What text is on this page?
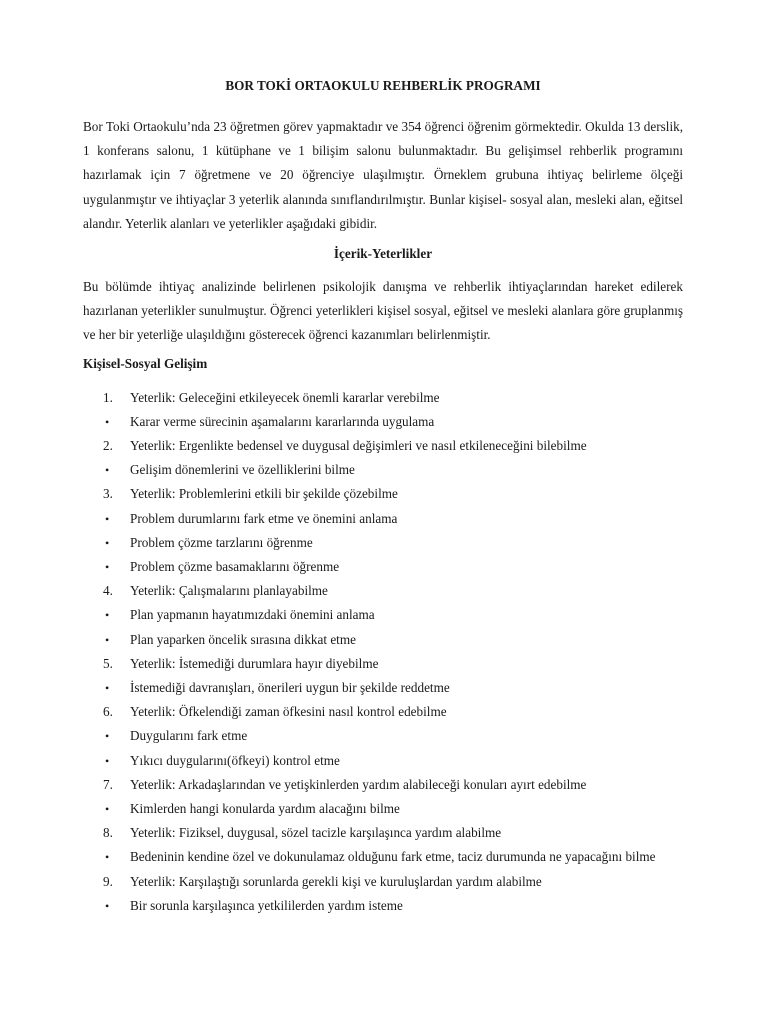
BOR TOKİ ORTAOKULU REHBERLİK PROGRAMI

Bor Toki Ortaokulu’nda 23 öğretmen görev yapmaktadır ve 354 öğrenci öğrenim görmektedir. Okulda 13 derslik, 1 konferans salonu, 1 kütüphane ve 1 bilişim salonu bulunmaktadır. Bu gelişimsel rehberlik programını hazırlamak için 7 öğretmene ve 20 öğrenciye ulaşılmıştır. Örneklem grubuna ihtiyaç belirleme ölçeği uygulanmıştır ve ihtiyaçlar 3 yeterlik alanında sınıflandırılmıştır. Bunlar kişisel- sosyal alan, mesleki alan, eğitsel alandır. Yeterlik alanları ve yeterlikler aşağıdaki gibidir.

İçerik-Yeterlikler

Bu bölümde ihtiyaç analizinde belirlenen psikolojik danışma ve rehberlik ihtiyaçlarından hareket edilerek hazırlanan yeterlikler sunulmuştur. Öğrenci yeterlikleri kişisel sosyal, eğitsel ve mesleki alanlara göre gruplanmış ve her bir yeterliğe ulaşıldığını gösterecek öğrenci kazanımları belirlenmiştir.

Kişisel-Sosyal Gelişim
1.	Yeterlik: Geleceğini etkileyecek önemli kararlar verebilme
•	Karar verme sürecinin aşamalarını kararlarında uygulama
2.	Yeterlik: Ergenlikte bedensel ve duygusal değişimleri ve nasıl etkileneceğini bilebilme
•	Gelişim dönemlerini ve özelliklerini bilme
3.	Yeterlik: Problemlerini etkili bir şekilde çözebilme
•	Problem durumlarını fark etme ve önemini anlama
•	Problem çözme tarzlarını öğrenme
•	Problem çözme basamaklarını öğrenme
4.	Yeterlik: Çalışmalarını planlayabilme
•	Plan yapmanın hayatımızdaki önemini anlama
•	Plan yaparken öncelik sırasına dikkat etme
5.	Yeterlik: İstemediği durumlara hayır diyebilme
•	İstemediği davranışları, önerileri uygun bir şekilde reddetme
6.	Yeterlik: Öfkelendiği zaman öfkesini nasıl kontrol edebilme
•	Duygularını fark etme
•	Yıkıcı duygularını(öfkeyi) kontrol etme
7.	Yeterlik: Arkadaşlarından ve yetişkinlerden yardım alabileceği konuları ayırt edebilme
•	Kimlerden hangi konularda yardım alacağını bilme
8.	Yeterlik: Fiziksel, duygusal, sözel tacizle karşılaşınca yardım alabilme
•	Bedeninin kendine özel ve dokunulamaz olduğunu fark etme, taciz durumunda ne yapacağını bilme
9.	Yeterlik: Karşılaştığı sorunlarda gerekli kişi ve kuruluşlardan yardım alabilme
•	Bir sorunla karşılaşınca yetkililerden yardım isteme
